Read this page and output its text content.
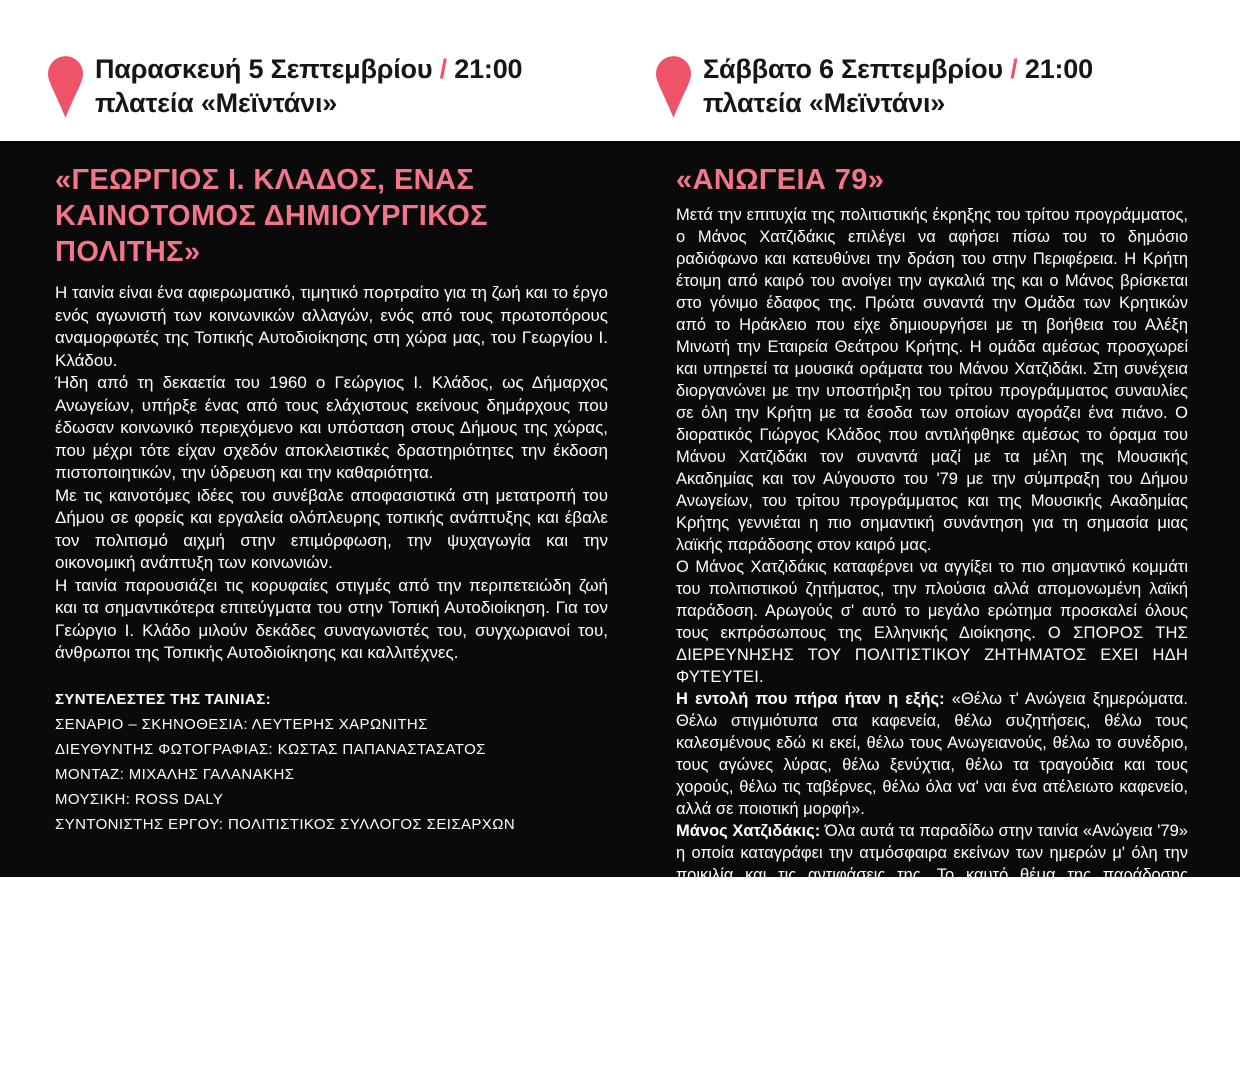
Παρασκευή 5 Σεπτεμβρίου / 21:00
πλατεία «Μεϊντάνι»
Σάββατο 6 Σεπτεμβρίου / 21:00
πλατεία «Μεϊντάνι»
«ΓΕΩΡΓΙΟΣ Ι. ΚΛΑΔΟΣ, ΕΝΑΣ ΚΑΙΝΟΤΟΜΟΣ ΔΗΜΙΟΥΡΓΙΚΟΣ ΠΟΛΙΤΗΣ»

Η ταινία είναι ένα αφιερωματικό, τιμητικό πορτραίτο για τη ζωή και το έργο ενός αγωνιστή των κοινωνικών αλλαγών, ενός από τους πρωτοπόρους αναμορφωτές της Τοπικής Αυτοδιοίκησης στη χώρα μας, του Γεωργίου Ι. Κλάδου.

Ήδη από τη δεκαετία του 1960 ο Γεώργιος Ι. Κλάδος, ως Δήμαρχος Ανωγείων, υπήρξε ένας από τους ελάχιστους εκείνους δημάρχους που έδωσαν κοινωνικό περιεχόμενο και υπόσταση στους Δήμους της χώρας, που μέχρι τότε είχαν σχεδόν αποκλειστικές δραστηριότητες την έκδοση πιστοποιητικών, την ύδρευση και την καθαριότητα.

Με τις καινοτόμες ιδέες του συνέβαλε αποφασιστικά στη μετατροπή του Δήμου σε φορείς και εργαλεία ολόπλευρης τοπικής ανάπτυξης και έβαλε τον πολιτισμό αιχμή στην επιμόρφωση, την ψυχαγωγία και την οικονομική ανάπτυξη των κοινωνιών.

Η ταινία παρουσιάζει τις κορυφαίες στιγμές από την περιπετειώδη ζωή και τα σημαντικότερα επιτεύγματα του στην Τοπική Αυτοδιοίκηση. Για τον Γεώργιο Ι. Κλάδο μιλούν δεκάδες συναγωνιστές του, συγχωριανοί του, άνθρωποι της Τοπικής Αυτοδιοίκησης και καλλιτέχνες.

ΣΥΝΤΕΛΕΣΤΕΣ ΤΗΣ ΤΑΙΝΙΑΣ:
ΣΕΝΑΡΙΟ – ΣΚΗΝΟΘΕΣΙΑ: ΛΕΥΤΕΡΗΣ ΧΑΡΩΝΙΤΗΣ
ΔΙΕΥΘΥΝΤΗΣ ΦΩΤΟΓΡΑΦΙΑΣ: ΚΩΣΤΑΣ ΠΑΠΑΝΑΣΤΑΣΑΤΟΣ
ΜΟΝΤΑΖ: ΜΙΧΑΛΗΣ ΓΑΛΑΝΑΚΗΣ
ΜΟΥΣΙΚΗ: ROSS DALY
ΣΥΝΤΟΝΙΣΤΗΣ ΕΡΓΟΥ: ΠΟΛΙΤΙΣΤΙΚΟΣ ΣΥΛΛΟΓΟΣ ΣΕΙΣΑΡΧΩΝ
«ΑΝΩΓΕΙΑ 79»

Μετά την επιτυχία της πολιτιστικής έκρηξης του τρίτου προγράμματος, ο Μάνος Χατζιδάκις επιλέγει να αφήσει πίσω του το δημόσιο ραδιόφωνο και κατευθύνει την δράση του στην Περιφέρεια. Η Κρήτη έτοιμη από καιρό του ανοίγει την αγκαλιά της και ο Μάνος βρίσκεται στο γόνιμο έδαφος της. Πρώτα συναντά την Ομάδα των Κρητικών από το Ηράκλειο που είχε δημιουργήσει με τη βοήθεια του Αλέξη Μινωτή την Εταιρεία Θεάτρου Κρήτης. Η ομάδα αμέσως προσχωρεί και υπηρετεί τα μουσικά οράματα του Μάνου Χατζιδάκι. Στη συνέχεια διοργανώνει με την υποστήριξη του τρίτου προγράμματος συναυλίες σε όλη την Κρήτη με τα έσοδα των οποίων αγοράζει ένα πιάνο. Ο διορατικός Γιώργος Κλάδος που αντιλήφθηκε αμέσως το όραμα του Μάνου Χατζιδάκι τον συναντά μαζί με τα μέλη της Μουσικής Ακαδημίας και τον Αύγουστο του '79 με την σύμπραξη του Δήμου Ανωγείων, του τρίτου προγράμματος και της Μουσικής Ακαδημίας Κρήτης γεννιέται η πιο σημαντική συνάντηση για τη σημασία μιας λαϊκής παράδοσης στον καιρό μας.

Ο Μάνος Χατζιδάκις καταφέρνει να αγγίξει το πιο σημαντικό κομμάτι του πολιτιστικού ζητήματος, την πλούσια αλλά απομονωμένη λαϊκή παράδοση. Αρωγούς σ' αυτό το μεγάλο ερώτημα προσκαλεί όλους τους εκπρόσωπους της Ελληνικής Διοίκησης. Ο ΣΠΟΡΟΣ ΤΗΣ ΔΙΕΡΕΥΝΗΣΗΣ ΤΟΥ ΠΟΛΙΤΙΣΤΙΚΟΥ ΖΗΤΗΜΑΤΟΣ ΕΧΕΙ ΗΔΗ ΦΥΤΕΥΤΕΙ.

Η εντολή που πήρα ήταν η εξής: «Θέλω τ' Ανώγεια ξημερώματα. Θέλω στιγμιότυπα στα καφενεία, θέλω συζητήσεις, θέλω τους καλεσμένους εδώ κι εκεί, θέλω τους Ανωγειανούς, θέλω το συνέδριο, τους αγώνες λύρας, θέλω ξενύχτια, θέλω τα τραγούδια και τους χορούς, θέλω τις ταβέρνες, θέλω όλα να' ναι ένα ατέλειωτο καφενείο, αλλά σε ποιοτική μορφή».

Μάνος Χατζιδάκις: Όλα αυτά τα παραδίδω στην ταινία «Ανώγεια '79» η οποία καταγράφει την ατμόσφαιρα εκείνων των ημερών μ' όλη την ποικιλία και τις αντιφάσεις της. Το καυτό θέμα της παράδοσης αναλύεται, αμφισβητείται και ζει μπροστά στα μάτια μας, πηγαίο και χωρίς συζητήσεις απ΄ το μικρό παιδάκι των τεσσάρων ετών που λέει μαντινάδες, μέχρι τους χορούς και τα τραγούδια των μεγάλων.

ΣΥΝΤΕΛΕΣΤΕΣ ΤΗΣ ΤΑΙΝΙΑΣ: ΣΚΗΝΟΘΕΣΙΑ/ΔΙΕΥΘΥΝΣΗ ΦΩΤΟΓΡΑΦΙΑΣ/ΜΟΝΤΑΖ: ΔΗΜΗΤΡΗΣ ΒΕΡΝΙΚΟΣ, ΗΧΟΛΗΨΙΑ: ΓΙΑΝΝΗΣ ΔΕΡΜΙΤΖΑΚΗΣ, Β΄ ΚΑΜΕΡΑ: ΣΤΑΜΑΤΗΣ ΓΙΑΝΝΟΥΛΗΣ, ΒΟΗΘΟΣ ΟΠΕΡΑΤΕΡ: ΣΗΦΗΣ ΚΟΥΝΔΟΥΡΟΣ, ΒΟΗΘΟΣ ΣΚΗΝΟΘΕΤΗ: ΓΚΑΙΗ ΑΓΓΕΛΗ-ΡΕΝΤΖΗ, ΗΛΕΚΤΡΟΛΟΓΟΣ: ΑΝΤΩΝΗΣ ΧΡΗΣΤΙΔΗΣ, ΠΑΡΑΓΩΓΗ: ΜΟΥΣΙΚΗ ΑΚΑΔΗΜΙΑ ΚΡΗΤΗΣ
